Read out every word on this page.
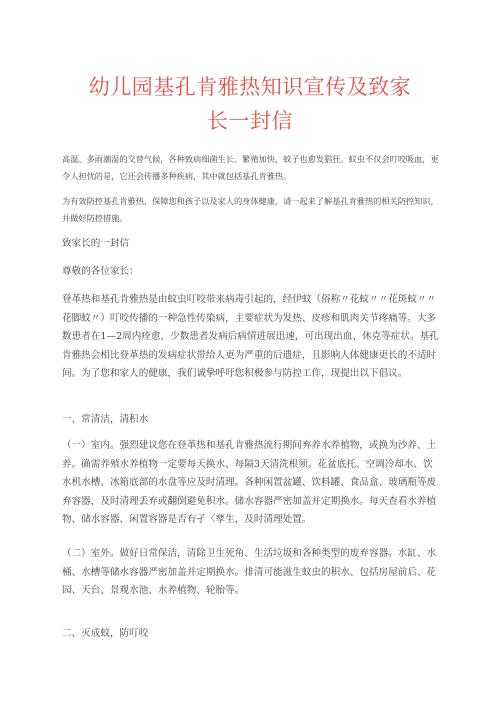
幼儿园基孔肯雅热知识宣传及致家
长一封信

高温、多雨潮湿的交替气候，各种致病细菌生长、繁殖加快，蚊子也愈发猖狂。蚊虫不仅会叮咬吸血，更令人担忧的是，它还会传播多种疾病，其中就包括基孔肯雅热。

为有效防控基孔肯雅热，保障您和孩子以及家人的身体健康，请一起来了解基孔肯雅热的相关防控知识，并做好防控措施。

致家长的一封信

尊敬的各位家长：

登革热和基孔肯雅热是由蚊虫叮咬带来病毒引起的，经伊蚊（俗称〃花蚊〃〃花斑蚊〃〃花脚蚊〃）叮咬传播的一种急性传染病，主要症状为发热、皮疹和肌肉关节疼痛等。大多数患者在1—2周内痊愈，少数患者发病后病情进展迅速，可出现出血、休克等症状。基孔肯雅热会相比登革热的发病症状带给人更为严重的后遗症，且影响人体健康更长的不适时间。为了您和家人的健康，我们诚挚呼吁您积极参与防控工作，现提出以下倡议。

一、常清洁，清积水

（一）室内。强烈建议您在登革热和基孔肯雅热流行期间弃养水养植物，或换为沙养、土养。确需养殖水养植物一定要每天换水、每隔3天清洗根须。花盆底托、空调冷却水、饮水机水槽、冰箱底部的水盘等应及时清理。各种闲置盆罐、饮料罐、食品盒、玻璃瓶等废弃容器，及时清理丢弃或翻倒避免积水。储水容器严密加盖并定期换水。每天查看水养植物、储水容器、闲置容器是否有孑〈孳生，及时清理处置。

（二）室外。做好日常保洁，清除卫生死角、生活垃圾和各种类型的废弃容器。水缸、水桶、水槽等储水容器严密加盖并定期换水。排清可能滋生蚊虫的积水、包括房屋前后、花园、天台、景观水池、水养植物、轮胎等。

二、灭成蚊，防叮咬
